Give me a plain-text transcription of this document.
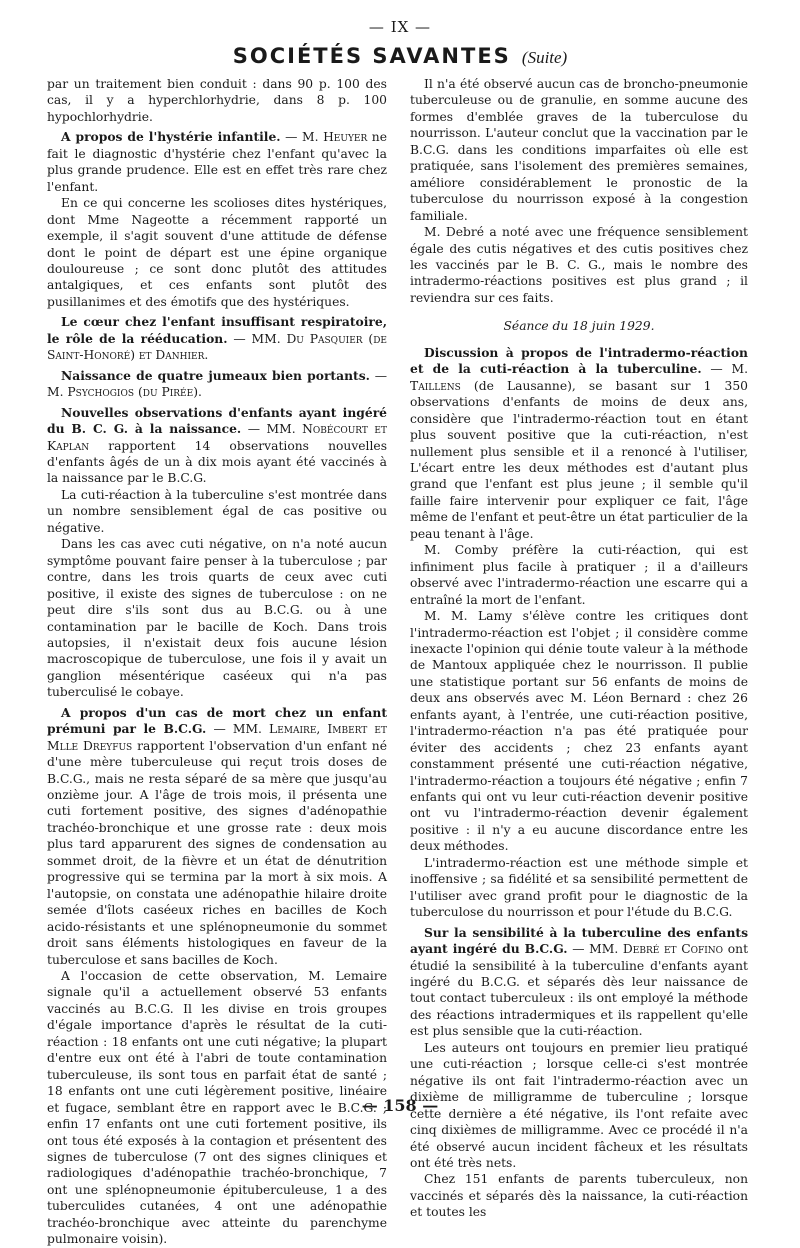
— IX —
SOCIÉTÉS SAVANTES (Suite)

par un traitement bien conduit : dans 90 p. 100 des cas, il y a hyperchlorhydrie, dans 8 p. 100 hypochlorhydrie.

A propos de l'hystérie infantile. — M. Heuyer ne fait le diagnostic d'hystérie chez l'enfant qu'avec la plus grande prudence. Elle est en effet très rare chez l'enfant.

En ce qui concerne les scolioses dites hystériques, dont Mme Nageotte a récemment rapporté un exemple, il s'agit souvent d'une attitude de défense dont le point de départ est une épine organique douloureuse ; ce sont donc plutôt des attitudes antalgiques, et ces enfants sont plutôt des pusillanimes et des émotifs que des hystériques.

Le cœur chez l'enfant insuffisant respiratoire, le rôle de la rééducation. — MM. Du Pasquier (de Saint-Honoré) et Danhier.

Naissance de quatre jumeaux bien portants. — M. Psychogios (du Pirée).

Nouvelles observations d'enfants ayant ingéré du B. C. G. à la naissance. — MM. Nobécourt et Kaplan rapportent 14 observations nouvelles d'enfants âgés de un à dix mois ayant été vaccinés à la naissance par le B.C.G.

La cuti-réaction à la tuberculine s'est montrée dans un nombre sensiblement égal de cas positive ou négative.

Dans les cas avec cuti négative, on n'a noté aucun symptôme pouvant faire penser à la tuberculose ; par contre, dans les trois quarts de ceux avec cuti positive, il existe des signes de tuberculose : on ne peut dire s'ils sont dus au B.C.G. ou à une contamination par le bacille de Koch. Dans trois autopsies, il n'existait deux fois aucune lésion macroscopique de tuberculose, une fois il y avait un ganglion mésentérique caséeux qui n'a pas tuberculisé le cobaye.

A propos d'un cas de mort chez un enfant prémuni par le B.C.G. — MM. Lemaire, Imbert et Mlle Dreyfus rapportent l'observation d'un enfant né d'une mère tuberculeuse qui reçut trois doses de B.C.G., mais ne resta séparé de sa mère que jusqu'au onzième jour. A l'âge de trois mois, il présenta une cuti fortement positive, des signes d'adénopathie trachéo-bronchique et une grosse rate : deux mois plus tard apparurent des signes de condensation au sommet droit, de la fièvre et un état de dénutrition progressive qui se termina par la mort à six mois. A l'autopsie, on constata une adénopathie hilaire droite semée d'îlots caséeux riches en bacilles de Koch acido-résistants et une splénopneumonie du sommet droit sans éléments histologiques en faveur de la tuberculose et sans bacilles de Koch.

A l'occasion de cette observation, M. Lemaire signale qu'il a actuellement observé 53 enfants vaccinés au B.C.G. Il les divise en trois groupes d'égale importance d'après le résultat de la cuti-réaction : 18 enfants ont une cuti négative; la plupart d'entre eux ont été à l'abri de toute contamination tuberculeuse, ils sont tous en parfait état de santé ; 18 enfants ont une cuti légèrement positive, linéaire et fugace, semblant être en rapport avec le B.C.G. ; enfin 17 enfants ont une cuti fortement positive, ils ont tous été exposés à la contagion et présentent des signes de tuberculose (7 ont des signes cliniques et radiologiques d'adénopathie trachéo-bronchique, 7 ont une splénopneumonie épituberculeuse, 1 a des tuberculides cutanées, 4 ont une adénopathie trachéo-bronchique avec atteinte du parenchyme pulmonaire voisin).

Il n'a été observé aucun cas de broncho-pneumonie tuberculeuse ou de granulie, en somme aucune des formes d'emblée graves de la tuberculose du nourrisson. L'auteur conclut que la vaccination par le B.C.G. dans les conditions imparfaites où elle est pratiquée, sans l'isolement des premières semaines, améliore considérablement le pronostic de la tuberculose du nourrisson exposé à la congestion familiale.

M. Debré a noté avec une fréquence sensiblement égale des cutis négatives et des cutis positives chez les vaccinés par le B. C. G., mais le nombre des intradermo-réactions positives est plus grand ; il reviendra sur ces faits.

Séance du 18 juin 1929.

Discussion à propos de l'intradermo-réaction et de la cuti-réaction à la tuberculine. — M. Taillens (de Lausanne), se basant sur 1 350 observations d'enfants de moins de deux ans, considère que l'intradermo-réaction tout en étant plus souvent positive que la cuti-réaction, n'est nullement plus sensible et il a renoncé à l'utiliser, L'écart entre les deux méthodes est d'autant plus grand que l'enfant est plus jeune ; il semble qu'il faille faire intervenir pour expliquer ce fait, l'âge même de l'enfant et peut-être un état particulier de la peau tenant à l'âge.

M. Comby préfère la cuti-réaction, qui est infiniment plus facile à pratiquer ; il a d'ailleurs observé avec l'intradermo-réaction une escarre qui a entraîné la mort de l'enfant.

M. M. Lamy s'élève contre les critiques dont l'intradermo-réaction est l'objet ; il considère comme inexacte l'opinion qui dénie toute valeur à la méthode de Mantoux appliquée chez le nourrisson. Il publie une statistique portant sur 56 enfants de moins de deux ans observés avec M. Léon Bernard : chez 26 enfants ayant, à l'entrée, une cuti-réaction positive, l'intradermo-réaction n'a pas été pratiquée pour éviter des accidents ; chez 23 enfants ayant constamment présenté une cuti-réaction négative, l'intradermo-réaction a toujours été négative ; enfin 7 enfants qui ont vu leur cuti-réaction devenir positive ont vu l'intradermo-réaction devenir également positive : il n'y a eu aucune discordance entre les deux méthodes.

L'intradermo-réaction est une méthode simple et inoffensive ; sa fidélité et sa sensibilité permettent de l'utiliser avec grand profit pour le diagnostic de la tuberculose du nourrisson et pour l'étude du B.C.G.

Sur la sensibilité à la tuberculine des enfants ayant ingéré du B.C.G. — MM. Debré et Cofino ont étudié la sensibilité à la tuberculine d'enfants ayant ingéré du B.C.G. et séparés dès leur naissance de tout contact tuberculeux : ils ont employé la méthode des réactions intradermiques et ils rappellent qu'elle est plus sensible que la cuti-réaction.

Les auteurs ont toujours en premier lieu pratiqué une cuti-réaction ; lorsque celle-ci s'est montrée négative ils ont fait l'intradermo-réaction avec un dixième de milligramme de tuberculine ; lorsque cette dernière a été négative, ils l'ont refaite avec cinq dixièmes de milligramme. Avec ce procédé il n'a été observé aucun incident fâcheux et les résultats ont été très nets.

Chez 151 enfants de parents tuberculeux, non vaccinés et séparés dès la naissance, la cuti-réaction et toutes les

— 158 —
